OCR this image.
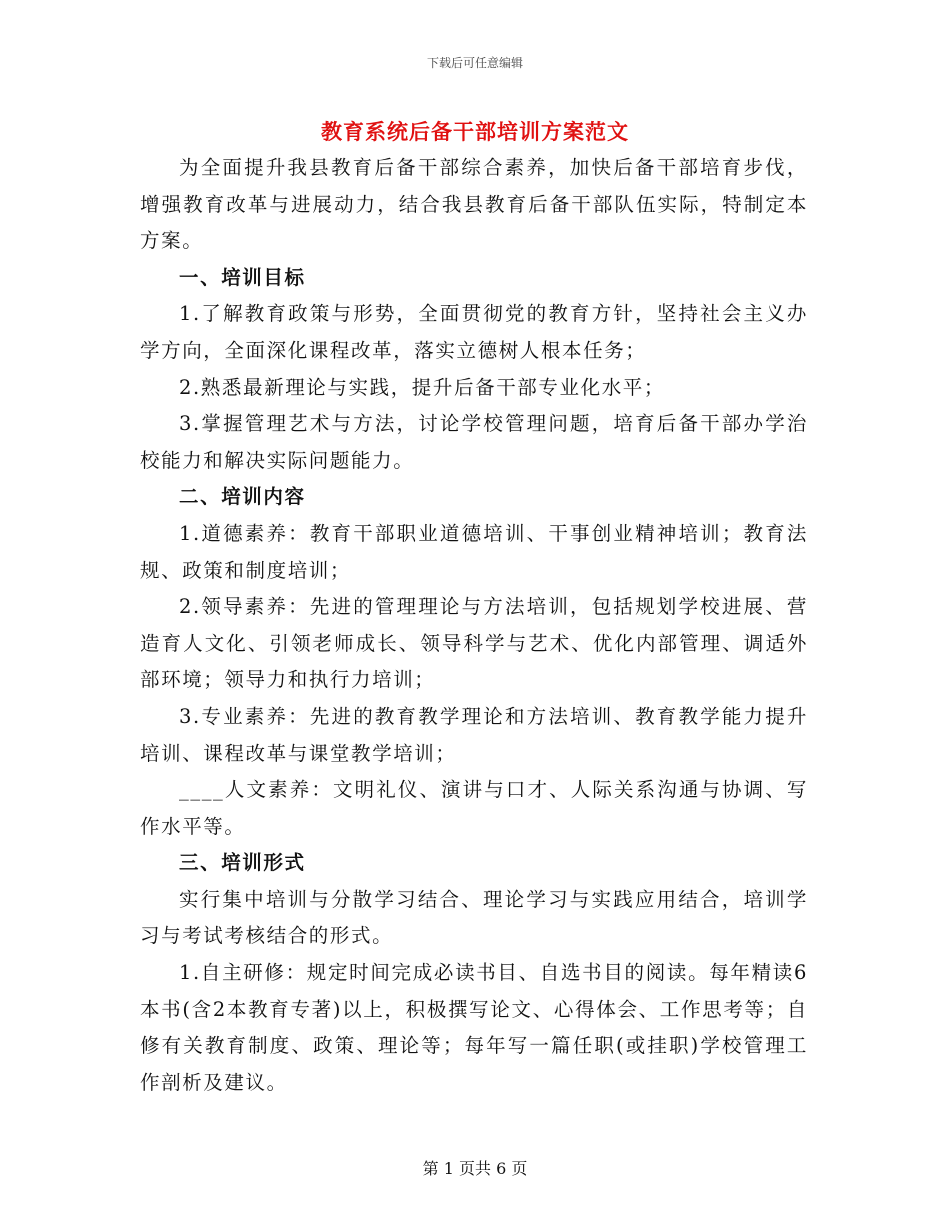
下载后可任意编辑
教育系统后备干部培训方案范文

为全面提升我县教育后备干部综合素养，加快后备干部培育步伐，增强教育改革与进展动力，结合我县教育后备干部队伍实际，特制定本方案。

一、培训目标

1.了解教育政策与形势，全面贯彻党的教育方针，坚持社会主义办学方向，全面深化课程改革，落实立德树人根本任务；

2.熟悉最新理论与实践，提升后备干部专业化水平；

3.掌握管理艺术与方法，讨论学校管理问题，培育后备干部办学治校能力和解决实际问题能力。

二、培训内容

1.道德素养：教育干部职业道德培训、干事创业精神培训；教育法规、政策和制度培训；

2.领导素养：先进的管理理论与方法培训，包括规划学校进展、营造育人文化、引领老师成长、领导科学与艺术、优化内部管理、调适外部环境；领导力和执行力培训；

3.专业素养：先进的教育教学理论和方法培训、教育教学能力提升培训、课程改革与课堂教学培训；

____人文素养：文明礼仪、演讲与口才、人际关系沟通与协调、写作水平等。

三、培训形式

实行集中培训与分散学习结合、理论学习与实践应用结合，培训学习与考试考核结合的形式。

1.自主研修：规定时间完成必读书目、自选书目的阅读。每年精读6本书(含2本教育专著)以上，积极撰写论文、心得体会、工作思考等；自修有关教育制度、政策、理论等；每年写一篇任职(或挂职)学校管理工作剖析及建议。

第 1 页共 6 页
